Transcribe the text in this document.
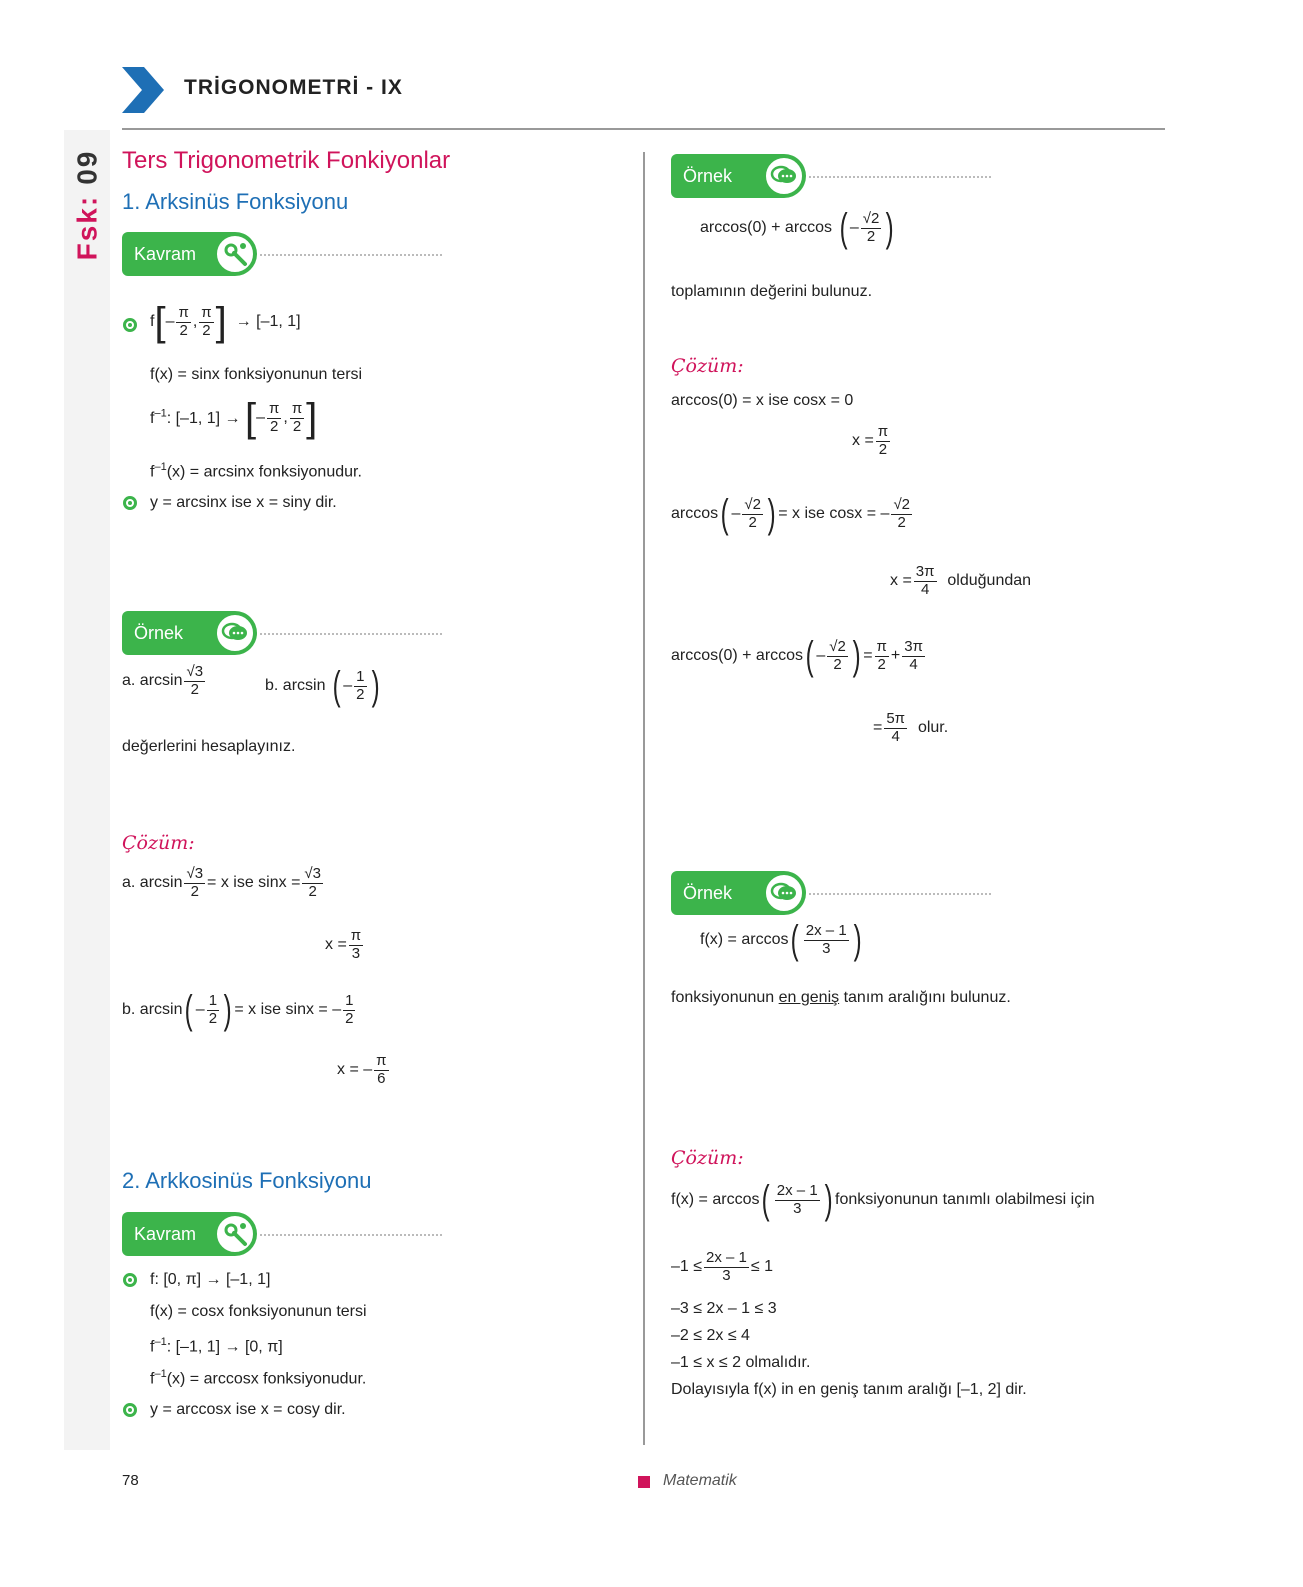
Fsk:09
TRİGONOMETRİ - IX
Ters Trigonometrik Fonkiyonlar
1. Arksinüs Fonksiyonu
Kavram
$f[- \frac{\pi}{2}$ , $\frac{\pi}{2}$ ] → [–1, 1]
f(x) = sinx fonksiyonunun tersi
$f^{-1}$: [–1, 1] → [– $\frac{\pi}{2}$ , $\frac{\pi}{2}$ ]
$f^{-1}(x) = \arcsin x$ fonksiyonudur.
y = arcsinx ise x = siny dir.
Örnek
a. $\arcsin \frac{√3}{2}$	b. arcsin ( – $\frac{1}{2}$ )
değerlerini hesaplayınız.
Çözüm:
a. $\arcsin \frac{√3}{2} = x$ ise $\sin x = \frac{√3}{2}$
$x = \frac{\pi}{3}$
b. $\arcsin( - \frac{1}{2}$ ) = x ise sinx = – $\frac{1}{2}$
x = – $\frac{\pi}{6}$
2. Arkkosinüs Fonksiyonu
Kavram
f: [0, π] → [–1, 1]
f(x) = cosx fonksiyonunun tersi
$f^{-1}$: [–1, 1] → [0, π]
$f^{-1}(x) = \arccos x$ fonksiyonudur.
y = arccosx ise x = cosy dir.
Örnek
arccos(0) + arccos ( – $\frac{√2}{2}$ )
toplamının değerini bulunuz.
Çözüm:
arccos(0) = x ise cosx = 0
$x = \frac{\pi}{2}$
$\arccos( - \frac{√2}{2}$ ) = x ise cosx = – $\frac{√2}{2}$
$x = \frac{3\pi}{4}$ olduğundan
$\arccos(0) + \arccos( - \frac{√2}{2}$ ) = $\frac{\pi}{2} + \frac{3\pi}{4}$
= $\frac{5\pi}{4}$ olur.
Örnek
$f(x) = \arccos( \frac{2x - 1}{3}$ )
fonksiyonunun en geniş tanım aralığını bulunuz.
Çözüm:
$f(x) = \arccos( \frac{2x - 1}{3}$ ) fonksiyonunun tanımlı olabilmesi için
$-1 \le \frac{2x - 1}{3} \le 1$
–3 ≤ 2x – 1 ≤ 3
–2 ≤ 2x ≤ 4
–1 ≤ x ≤ 2 olmalıdır.
Dolayısıyla f(x) in en geniş tanım aralığı [–1, 2] dir.
78	Matematik
